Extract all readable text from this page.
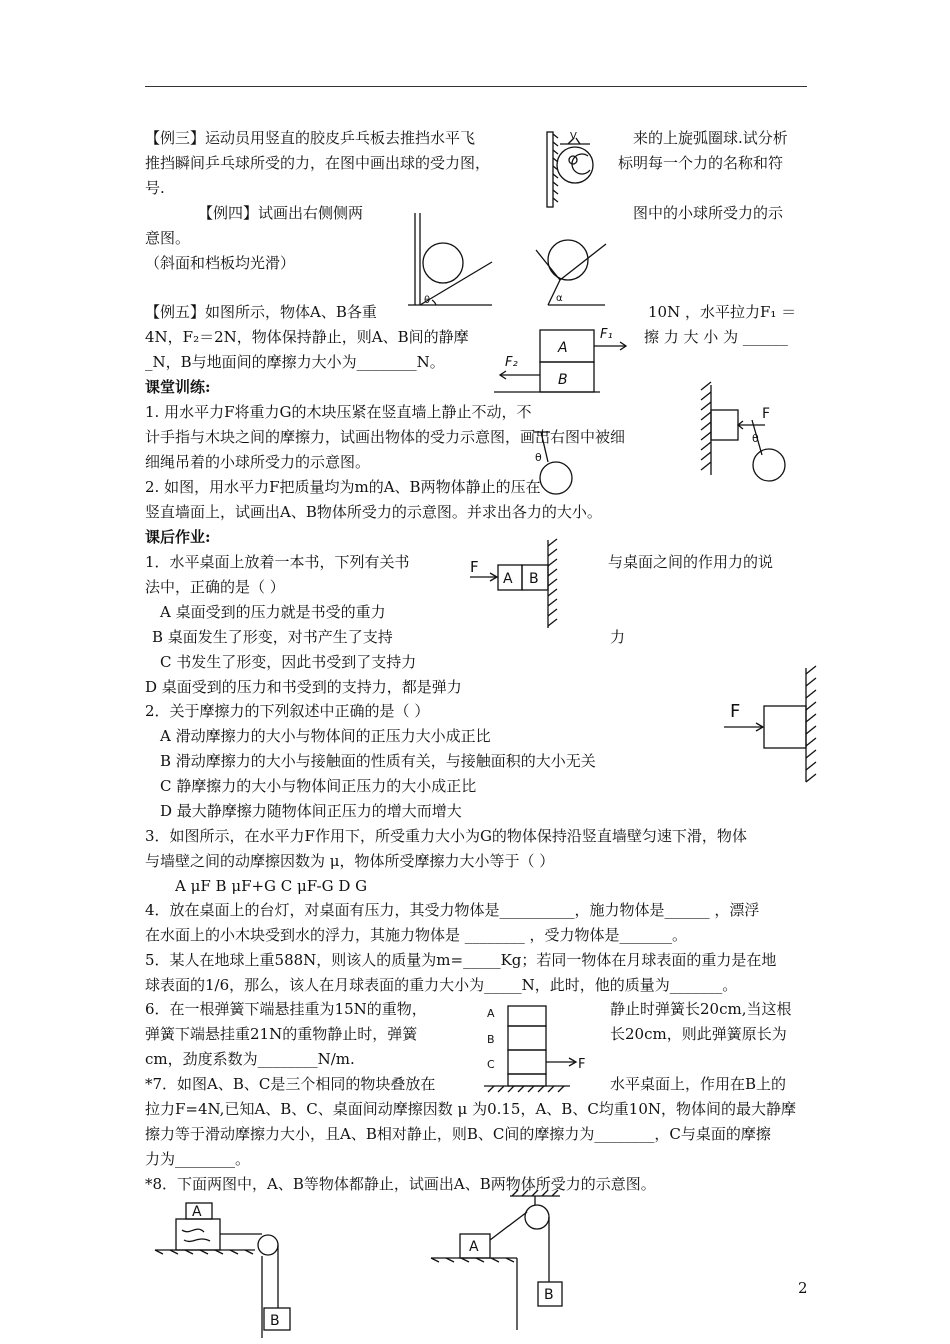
【例三】运动员用竖直的胶皮乒乓板去推挡水平飞	来的上旋弧圈球.试分析
推挡瞬间乒乓球所受的力，在图中画出球的受力图，	标明每一个力的名称和符
号.
【例四】试画出右侧侧两	图中的小球所受力的示
意图。
（斜面和档板均光滑）
【例五】如图所示，物体A、B各重	10N ，水平拉力F₁ ＝
4N，F₂＝2N，物体保持静止，则A、B间的静摩	擦 力 大 小 为 ______
_N，B与地面间的摩擦力大小为________N。
课堂训练:
1. 用水平力F将重力G的木块压紧在竖直墙上静止不动，不
计手指与木块之间的摩擦力，试画出物体的受力示意图，画出右图中被细
细绳吊着的小球所受力的示意图。
2. 如图，用水平力F把质量均为m的A、B两物体静止的压在
竖直墙面上，试画出A、B物体所受力的示意图。并求出各力的大小。
课后作业:
1．水平桌面上放着一本书，下列有关书	与桌面之间的作用力的说
法中，正确的是（ ）
A 桌面受到的压力就是书受的重力
B 桌面发生了形变，对书产生了支持	力
C 书发生了形变，因此书受到了支持力
D 桌面受到的压力和书受到的支持力，都是弹力
2．关于摩擦力的下列叙述中正确的是（ ）
A 滑动摩擦力的大小与物体间的正压力大小成正比
B 滑动摩擦力的大小与接触面的性质有关，与接触面积的大小无关
C 静摩擦力的大小与物体间正压力的大小成正比
D 最大静摩擦力随物体间正压力的增大而增大
3．如图所示，在水平力F作用下，所受重力大小为G的物体保持沿竖直墙壁匀速下滑，物体
与墙壁之间的动摩擦因数为 μ，物体所受摩擦力大小等于（ ）
A μF B μF+G C μF-G D G
4．放在桌面上的台灯，对桌面有压力，其受力物体是__________，施力物体是______ ，漂浮
在水面上的小木块受到水的浮力，其施力物体是 ________ ，受力物体是_______。
5．某人在地球上重588N，则该人的质量为m=_____Kg；若同一物体在月球表面的重力是在地
球表面的1/6，那么，该人在月球表面的重力大小为_____N，此时，他的质量为_______。
6．在一根弹簧下端悬挂重为15N的重物，	静止时弹簧长20cm,当这根
弹簧下端悬挂重21N的重物静止时，弹簧	长20cm，则此弹簧原长为
cm，劲度系数为________N/m.
*7．如图A、B、C是三个相同的物块叠放在	水平桌面上，作用在B上的
拉力F=4N,已知A、B、C、桌面间动摩擦因数 μ 为0.15，A、B、C均重10N，物体间的最大静摩
擦力等于滑动摩擦力大小，且A、B相对静止，则B、C间的摩擦力为________，C与桌面的摩擦
力为________。
*8．下面两图中，A、B等物体都静止，试画出A、B两物体所受力的示意图。
2
V
θ	α
A
B
F₁
F₂
θ
F
θ
F
A B
F
A
B
C	F
A
B
A
B
